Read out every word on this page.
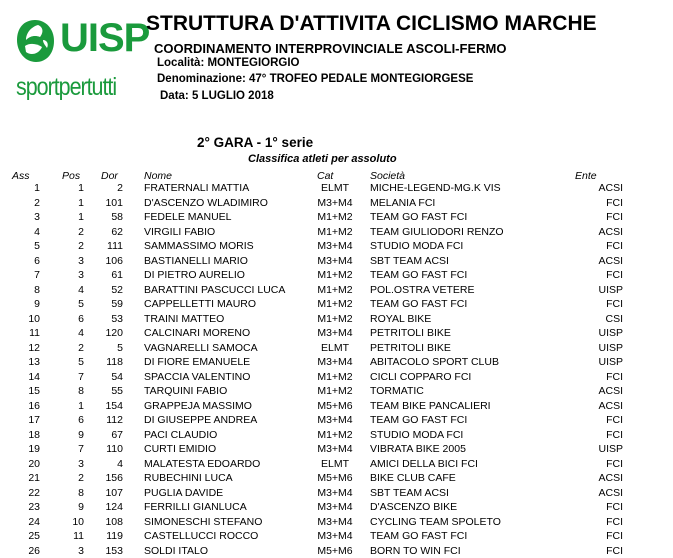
UISP
sportpertutti
STRUTTURA D'ATTIVITA CICLISMO MARCHE
COORDINAMENTO INTERPROVINCIALE ASCOLI-FERMO
Località: MONTEGIORGIO
Denominazione: 47° TROFEO PEDALE MONTEGIORGESE
Data: 5 LUGLIO 2018
2° GARA - 1° serie
Classifica atleti per assoluto
Ass	Pos Dor Nome	Cat	Società	Ente
1	1	2 FRATERNALI MATTIA	ELMT	MICHE-LEGEND-MG.K VIS	ACSI
2	1	101 D'ASCENZO WLADIMIRO	M3+M4	MELANIA FCI	FCI
3	1	58 FEDELE MANUEL	M1+M2	TEAM GO FAST FCI	FCI
4	2	62 VIRGILI FABIO	M1+M2	TEAM GIULIODORI RENZO	ACSI
5	2	111 SAMMASSIMO MORIS	M3+M4	STUDIO MODA FCI	FCI
6	3	106 BASTIANELLI MARIO	M3+M4	SBT TEAM ACSI	ACSI
7	3	61 DI PIETRO AURELIO	M1+M2	TEAM GO FAST FCI	FCI
8	4	52 BARATTINI PASCUCCI LUCA	M1+M2	POL.OSTRA VETERE	UISP
9	5	59 CAPPELLETTI MAURO	M1+M2	TEAM GO FAST FCI	FCI
10	6	53 TRAINI MATTEO	M1+M2	ROYAL BIKE	CSI
11	4	120 CALCINARI MORENO	M3+M4	PETRITOLI BIKE	UISP
12	2	5 VAGNARELLI SAMOCA	ELMT	PETRITOLI BIKE	UISP
13	5	118 DI FIORE EMANUELE	M3+M4	ABITACOLO SPORT CLUB	UISP
14	7	54 SPACCIA VALENTINO	M1+M2	CICLI COPPARO FCI	FCI
15	8	55 TARQUINI FABIO	M1+M2	TORMATIC	ACSI
16	1	154 GRAPPEJA MASSIMO	M5+M6	TEAM BIKE PANCALIERI	ACSI
17	6	112 DI GIUSEPPE ANDREA	M3+M4	TEAM GO FAST FCI	FCI
18	9	67 PACI CLAUDIO	M1+M2	STUDIO MODA FCI	FCI
19	7	110 CURTI EMIDIO	M3+M4	VIBRATA BIKE 2005	UISP
20	3	4 MALATESTA EDOARDO	ELMT	AMICI DELLA BICI FCI	FCI
21	2	156 RUBECHINI LUCA	M5+M6	BIKE CLUB CAFE	ACSI
22	8	107 PUGLIA DAVIDE	M3+M4	SBT TEAM ACSI	ACSI
23	9	124 FERRILLI GIANLUCA	M3+M4	D'ASCENZO BIKE	FCI
24	10	108 SIMONESCHI STEFANO	M3+M4	CYCLING TEAM SPOLETO	FCI
25	11	119 CASTELLUCCI ROCCO	M3+M4	TEAM GO FAST FCI	FCI
26	3	153 SOLDI ITALO	M5+M6	BORN TO WIN FCI	FCI
